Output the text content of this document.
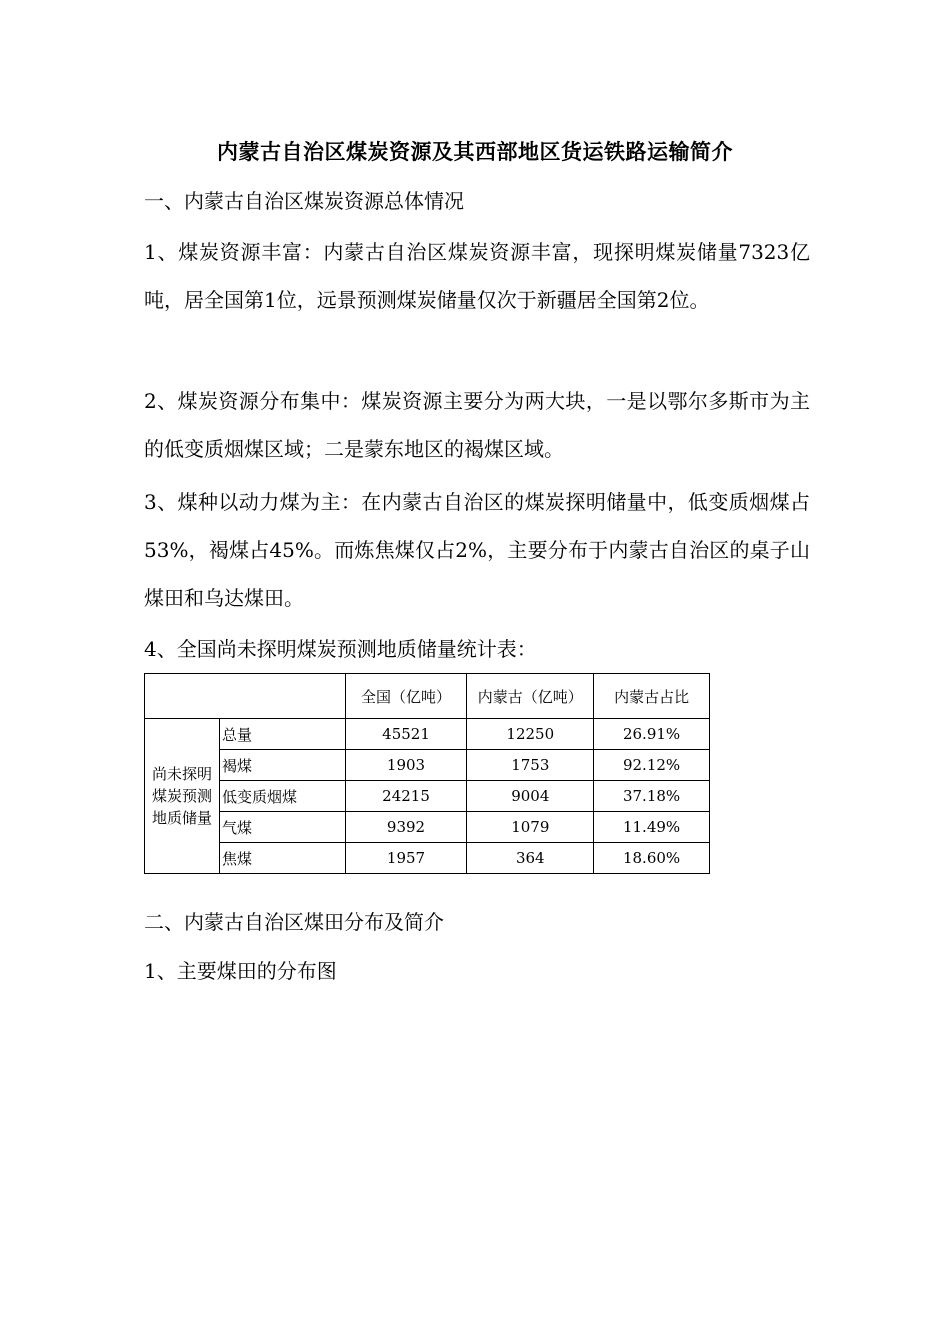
内蒙古自治区煤炭资源及其西部地区货运铁路运输简介
一、内蒙古自治区煤炭资源总体情况
1、煤炭资源丰富：内蒙古自治区煤炭资源丰富，现探明煤炭储量7323亿吨，居全国第1位，远景预测煤炭储量仅次于新疆居全国第2位。
2、煤炭资源分布集中：煤炭资源主要分为两大块，一是以鄂尔多斯市为主的低变质烟煤区域；二是蒙东地区的褐煤区域。
3、煤种以动力煤为主：在内蒙古自治区的煤炭探明储量中，低变质烟煤占53%，褐煤占45%。而炼焦煤仅占2%，主要分布于内蒙古自治区的桌子山煤田和乌达煤田。
4、全国尚未探明煤炭预测地质储量统计表：
		全国（亿吨）	内蒙古（亿吨）	内蒙古占比
尚未探明煤炭预测地质储量	总量	45521	12250	26.91%
	褐煤	1903	1753	92.12%
	低变质烟煤	24215	9004	37.18%
	气煤	9392	1079	11.49%
	焦煤	1957	364	18.60%
二、内蒙古自治区煤田分布及简介
1、主要煤田的分布图
